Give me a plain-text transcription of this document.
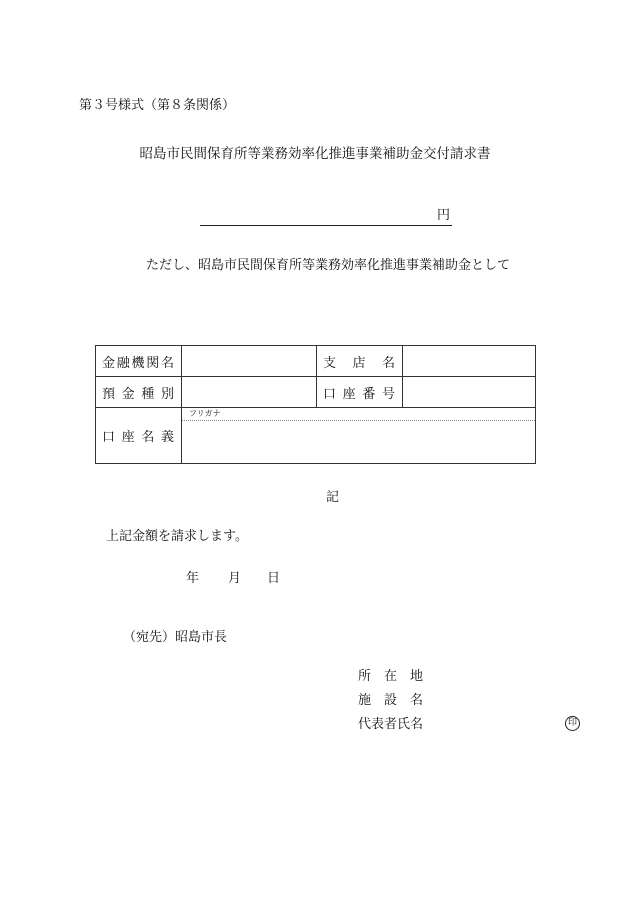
第３号様式（第８条関係）
昭島市民間保育所等業務効率化推進事業補助金交付請求書
円
ただし、昭島市民間保育所等業務効率化推進事業補助金として
金 融 機 関 名		支 店 名	

預 金 種 別		口 座 番 号	

口 座 名 義	フリガナ		
記
上記金額を請求します。
年 月 日
（宛先）昭島市長
所　在　地
施　設　名
代表者氏名	印
